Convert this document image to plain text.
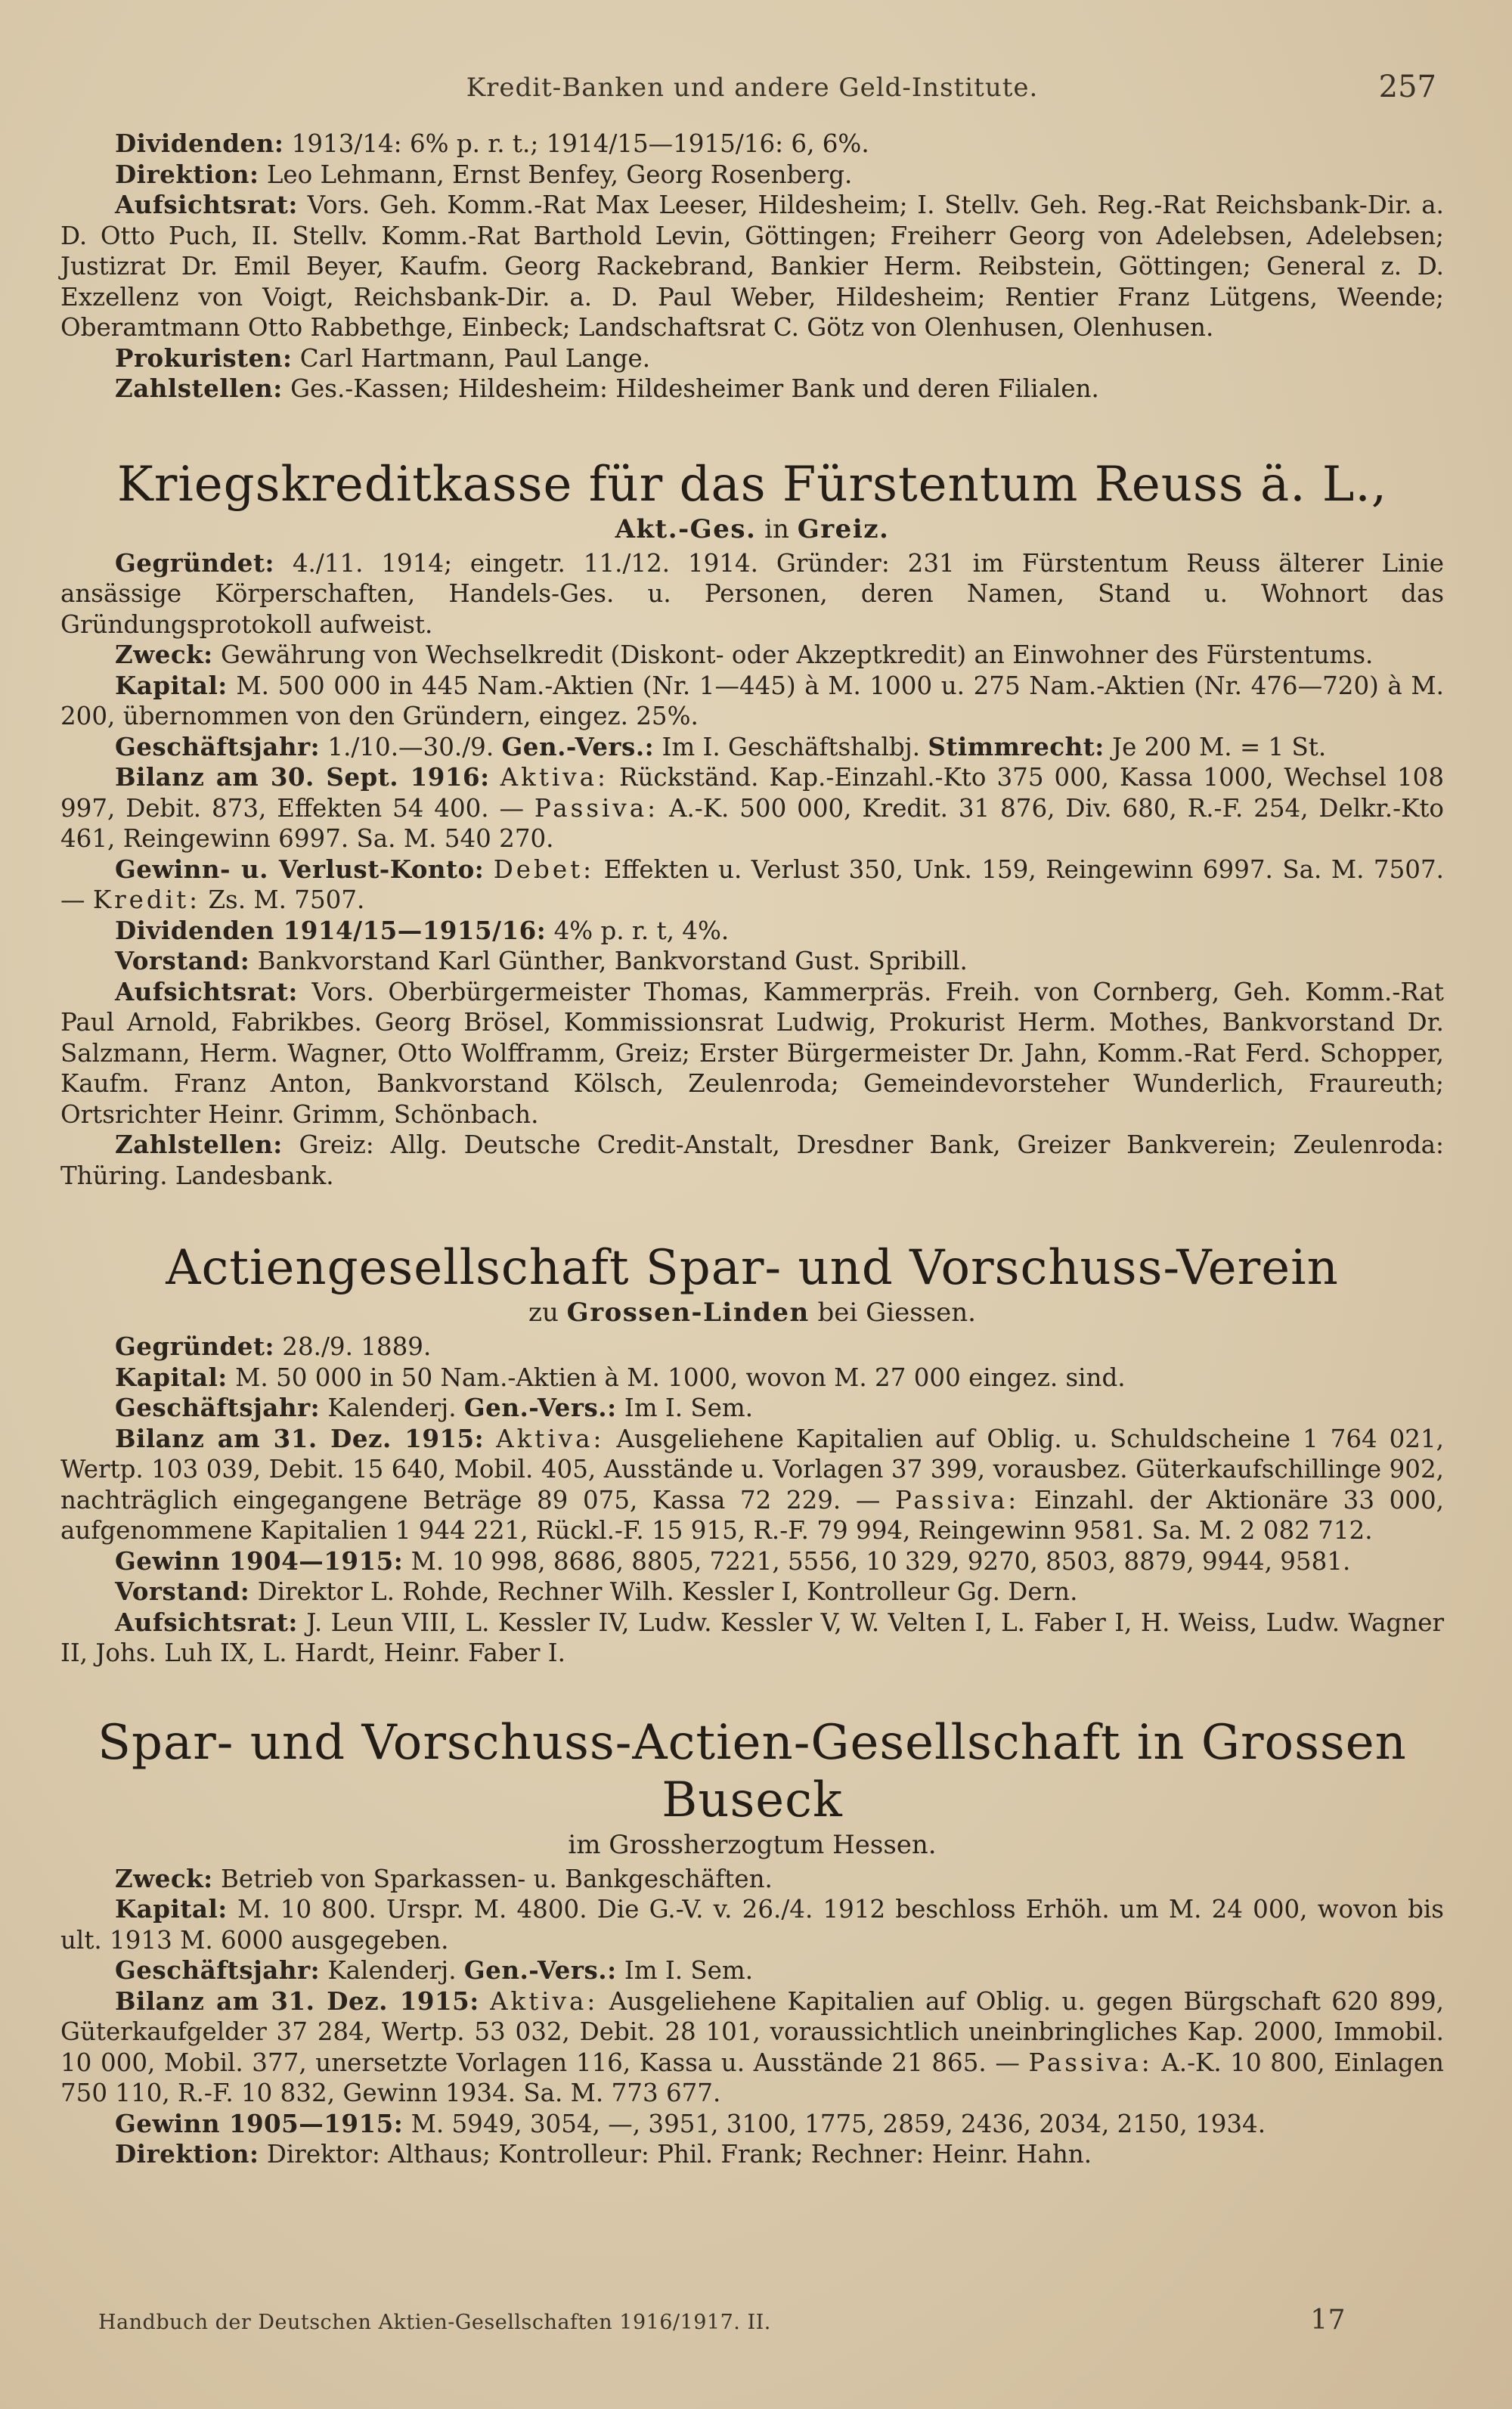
Kredit-Banken und andere Geld-Institute.	257

Dividenden: 1913/14: 6% p. r. t.; 1914/15—1915/16: 6, 6%.

Direktion: Leo Lehmann, Ernst Benfey, Georg Rosenberg.

Aufsichtsrat: Vors. Geh. Komm.-Rat Max Leeser, Hildesheim; I. Stellv. Geh. Reg.-Rat Reichsbank-Dir. a. D. Otto Puch, II. Stellv. Komm.-Rat Barthold Levin, Göttingen; Freiherr Georg von Adelebsen, Adelebsen; Justizrat Dr. Emil Beyer, Kaufm. Georg Rackebrand, Bankier Herm. Reibstein, Göttingen; General z. D. Exzellenz von Voigt, Reichsbank-Dir. a. D. Paul Weber, Hildesheim; Rentier Franz Lütgens, Weende; Oberamtmann Otto Rabbethge, Einbeck; Landschaftsrat C. Götz von Olenhusen, Olenhusen.

Prokuristen: Carl Hartmann, Paul Lange.

Zahlstellen: Ges.-Kassen; Hildesheim: Hildesheimer Bank und deren Filialen.

Kriegskreditkasse für das Fürstentum Reuss ä. L.,

Akt.-Ges. in Greiz.

Gegründet: 4./11. 1914; eingetr. 11./12. 1914. Gründer: 231 im Fürstentum Reuss älterer Linie ansässige Körperschaften, Handels-Ges. u. Personen, deren Namen, Stand u. Wohnort das Gründungsprotokoll aufweist.

Zweck: Gewährung von Wechselkredit (Diskont- oder Akzeptkredit) an Einwohner des Fürstentums.

Kapital: M. 500 000 in 445 Nam.-Aktien (Nr. 1—445) à M. 1000 u. 275 Nam.-Aktien (Nr. 476—720) à M. 200, übernommen von den Gründern, eingez. 25%.

Geschäftsjahr: 1./10.—30./9. Gen.-Vers.: Im I. Geschäftshalbj. Stimmrecht: Je 200 M. = 1 St.

Bilanz am 30. Sept. 1916: Aktiva: Rückständ. Kap.-Einzahl.-Kto 375 000, Kassa 1000, Wechsel 108 997, Debit. 873, Effekten 54 400. — Passiva: A.-K. 500 000, Kredit. 31 876, Div. 680, R.-F. 254, Delkr.-Kto 461, Reingewinn 6997. Sa. M. 540 270.

Gewinn- u. Verlust-Konto: Debet: Effekten u. Verlust 350, Unk. 159, Reingewinn 6997. Sa. M. 7507. — Kredit: Zs. M. 7507.

Dividenden 1914/15—1915/16: 4% p. r. t, 4%.

Vorstand: Bankvorstand Karl Günther, Bankvorstand Gust. Spribill.

Aufsichtsrat: Vors. Oberbürgermeister Thomas, Kammerpräs. Freih. von Cornberg, Geh. Komm.-Rat Paul Arnold, Fabrikbes. Georg Brösel, Kommissionsrat Ludwig, Prokurist Herm. Mothes, Bankvorstand Dr. Salzmann, Herm. Wagner, Otto Wolfframm, Greiz; Erster Bürgermeister Dr. Jahn, Komm.-Rat Ferd. Schopper, Kaufm. Franz Anton, Bankvorstand Kölsch, Zeulenroda; Gemeindevorsteher Wunderlich, Fraureuth; Ortsrichter Heinr. Grimm, Schönbach.

Zahlstellen: Greiz: Allg. Deutsche Credit-Anstalt, Dresdner Bank, Greizer Bankverein; Zeulenroda: Thüring. Landesbank.

Actiengesellschaft Spar- und Vorschuss-Verein

zu Grossen-Linden bei Giessen.

Gegründet: 28./9. 1889.

Kapital: M. 50 000 in 50 Nam.-Aktien à M. 1000, wovon M. 27 000 eingez. sind.

Geschäftsjahr: Kalenderj. Gen.-Vers.: Im I. Sem.

Bilanz am 31. Dez. 1915: Aktiva: Ausgeliehene Kapitalien auf Oblig. u. Schuldscheine 1 764 021, Wertp. 103 039, Debit. 15 640, Mobil. 405, Ausstände u. Vorlagen 37 399, vorausbez. Güterkaufschillinge 902, nachträglich eingegangene Beträge 89 075, Kassa 72 229. — Passiva: Einzahl. der Aktionäre 33 000, aufgenommene Kapitalien 1 944 221, Rückl.-F. 15 915, R.-F. 79 994, Reingewinn 9581. Sa. M. 2 082 712.

Gewinn 1904—1915: M. 10 998, 8686, 8805, 7221, 5556, 10 329, 9270, 8503, 8879, 9944, 9581.

Vorstand: Direktor L. Rohde, Rechner Wilh. Kessler I, Kontrolleur Gg. Dern.

Aufsichtsrat: J. Leun VIII, L. Kessler IV, Ludw. Kessler V, W. Velten I, L. Faber I, H. Weiss, Ludw. Wagner II, Johs. Luh IX, L. Hardt, Heinr. Faber I.

Spar- und Vorschuss-Actien-Gesellschaft in Grossen Buseck

im Grossherzogtum Hessen.

Zweck: Betrieb von Sparkassen- u. Bankgeschäften.

Kapital: M. 10 800. Urspr. M. 4800. Die G.-V. v. 26./4. 1912 beschloss Erhöh. um M. 24 000, wovon bis ult. 1913 M. 6000 ausgegeben.

Geschäftsjahr: Kalenderj. Gen.-Vers.: Im I. Sem.

Bilanz am 31. Dez. 1915: Aktiva: Ausgeliehene Kapitalien auf Oblig. u. gegen Bürgschaft 620 899, Güterkaufgelder 37 284, Wertp. 53 032, Debit. 28 101, voraussichtlich uneinbringliches Kap. 2000, Immobil. 10 000, Mobil. 377, unersetzte Vorlagen 116, Kassa u. Ausstände 21 865. — Passiva: A.-K. 10 800, Einlagen 750 110, R.-F. 10 832, Gewinn 1934. Sa. M. 773 677.

Gewinn 1905—1915: M. 5949, 3054, —, 3951, 3100, 1775, 2859, 2436, 2034, 2150, 1934.

Direktion: Direktor: Althaus; Kontrolleur: Phil. Frank; Rechner: Heinr. Hahn.

Handbuch der Deutschen Aktien-Gesellschaften 1916/1917. II.	17
